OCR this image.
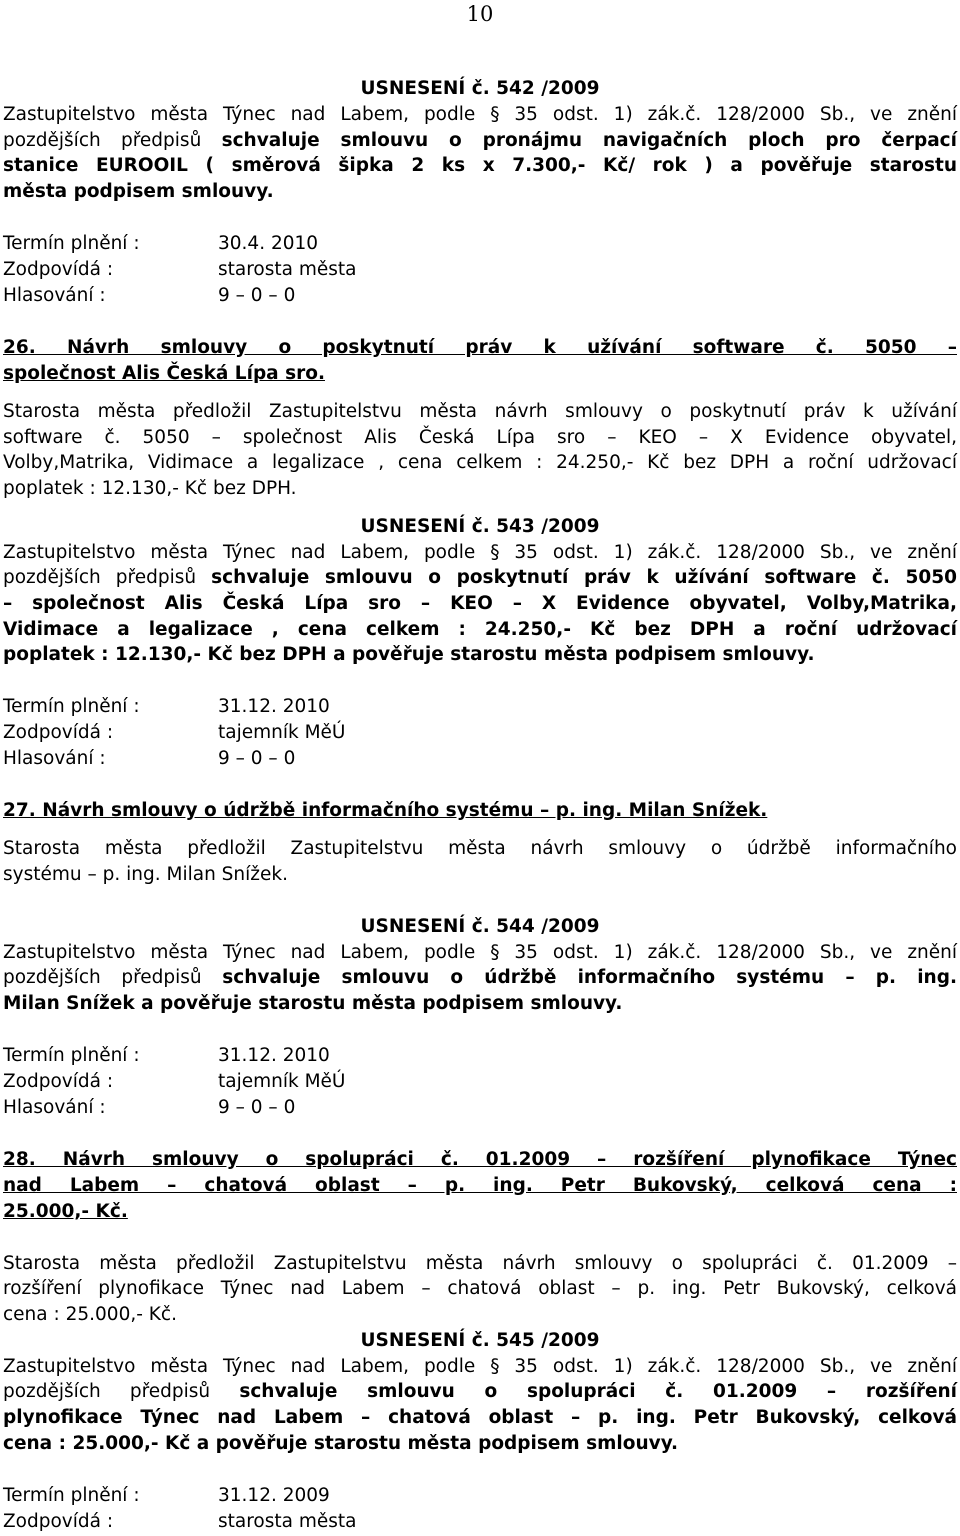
10

USNESENÍ č. 542 /2009

Zastupitelstvo města Týnec nad Labem, podle § 35 odst. 1) zák.č. 128/2000 Sb., ve znění

pozdějších předpisů schvaluje smlouvu o pronájmu navigačních ploch pro čerpací

stanice EUROOIL ( směrová šipka 2 ks x 7.300,- Kč/ rok ) a pověřuje starostu

města podpisem smlouvy.

Termín plnění :	30.4. 2010
Zodpovídá :	starosta města
Hlasování :	9 – 0 – 0

26. Návrh smlouvy o poskytnutí práv k užívání software č. 5050 –

společnost Alis Česká Lípa sro.

Starosta města předložil Zastupitelstvu města návrh smlouvy o poskytnutí práv k užívání

software č. 5050 – společnost Alis Česká Lípa sro – KEO – X Evidence obyvatel,

Volby,Matrika, Vidimace a legalizace , cena celkem : 24.250,- Kč bez DPH a roční udržovací

poplatek : 12.130,- Kč bez DPH.

USNESENÍ č. 543 /2009

Zastupitelstvo města Týnec nad Labem, podle § 35 odst. 1) zák.č. 128/2000 Sb., ve znění

pozdějších předpisů schvaluje smlouvu o poskytnutí práv k užívání software č. 5050

– společnost Alis Česká Lípa sro – KEO – X Evidence obyvatel, Volby,Matrika,

Vidimace a legalizace , cena celkem : 24.250,- Kč bez DPH a roční udržovací

poplatek : 12.130,- Kč bez DPH a pověřuje starostu města podpisem smlouvy.

Termín plnění :	31.12. 2010
Zodpovídá :	tajemník MěÚ
Hlasování :	9 – 0 – 0

27. Návrh smlouvy o údržbě informačního systému – p. ing. Milan Snížek.

Starosta města předložil Zastupitelstvu města návrh smlouvy o údržbě informačního

systému – p. ing. Milan Snížek.

USNESENÍ č. 544 /2009

Zastupitelstvo města Týnec nad Labem, podle § 35 odst. 1) zák.č. 128/2000 Sb., ve znění

pozdějších předpisů schvaluje smlouvu o údržbě informačního systému – p. ing.

Milan Snížek a pověřuje starostu města podpisem smlouvy.

Termín plnění :	31.12. 2010
Zodpovídá :	tajemník MěÚ
Hlasování :	9 – 0 – 0

28. Návrh smlouvy o spolupráci č. 01.2009 – rozšíření plynofikace Týnec

nad Labem – chatová oblast – p. ing. Petr Bukovský, celková cena :

25.000,- Kč.

Starosta města předložil Zastupitelstvu města návrh smlouvy o spolupráci č. 01.2009 –

rozšíření plynofikace Týnec nad Labem – chatová oblast – p. ing. Petr Bukovský, celková

cena : 25.000,- Kč.

USNESENÍ č. 545 /2009

Zastupitelstvo města Týnec nad Labem, podle § 35 odst. 1) zák.č. 128/2000 Sb., ve znění

pozdějších předpisů schvaluje smlouvu o spolupráci č. 01.2009 – rozšíření

plynofikace Týnec nad Labem – chatová oblast – p. ing. Petr Bukovský, celková

cena : 25.000,- Kč a pověřuje starostu města podpisem smlouvy.

Termín plnění :	31.12. 2009
Zodpovídá :	starosta města
